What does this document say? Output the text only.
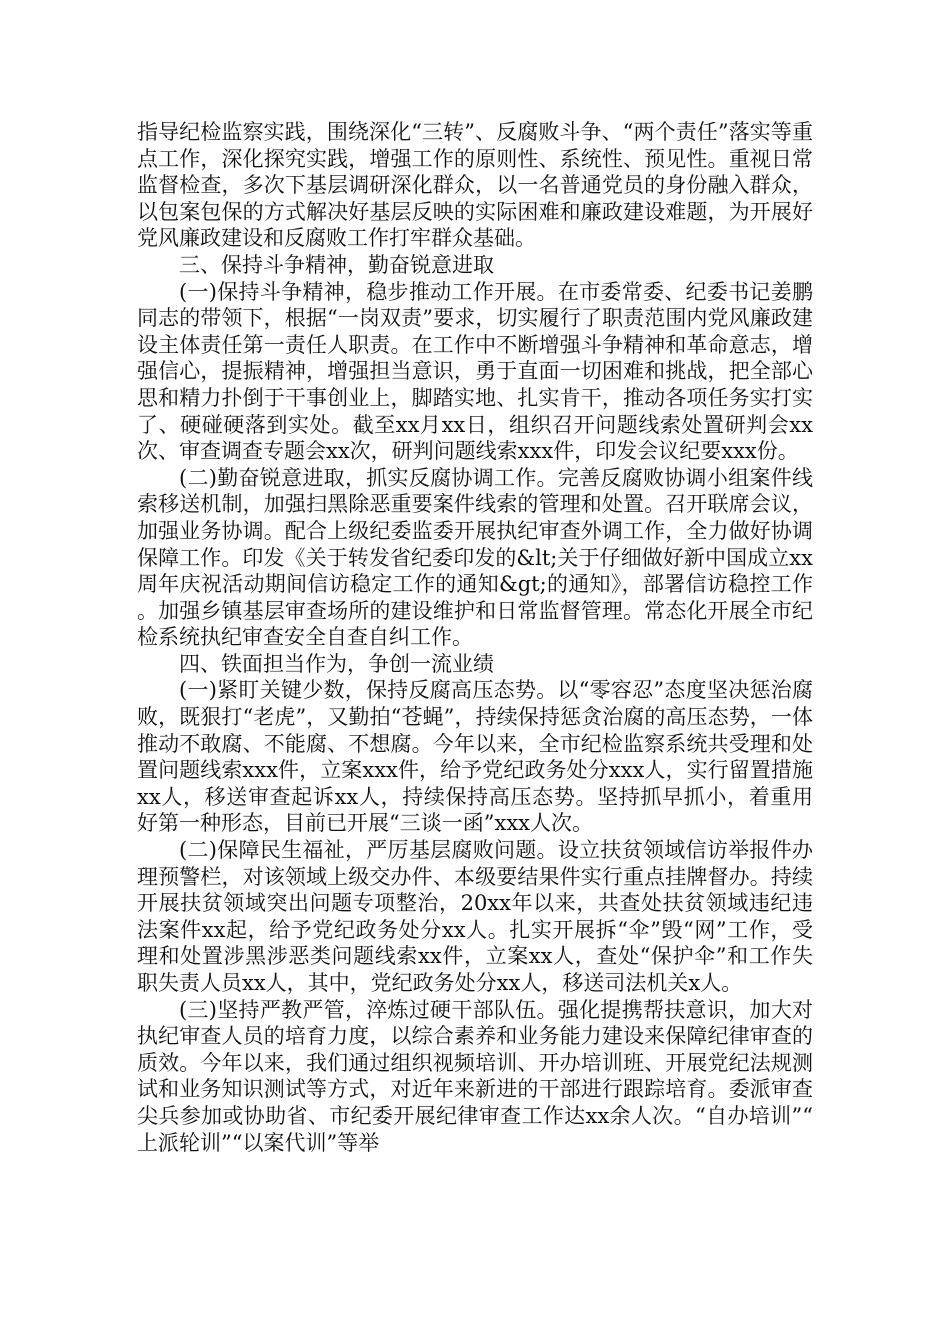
指导纪检监察实践，围绕深化“三转”、反腐败斗争、“两个责任”落实等重点工作，深化探究实践，增强工作的原则性、系统性、预见性。重视日常监督检查，多次下基层调研深化群众，以一名普通党员的身份融入群众，以包案包保的方式解决好基层反映的实际困难和廉政建设难题，为开展好党风廉政建设和反腐败工作打牢群众基础。

三、保持斗争精神，勤奋锐意进取

(一)保持斗争精神，稳步推动工作开展。在市委常委、纪委书记姜鹏同志的带领下，根据“一岗双责”要求，切实履行了职责范围内党风廉政建设主体责任第一责任人职责。在工作中不断增强斗争精神和革命意志，增强信心，提振精神，增强担当意识，勇于直面一切困难和挑战，把全部心思和精力扑倒于干事创业上，脚踏实地、扎实肯干，推动各项任务实打实了、硬碰硬落到实处。截至xx月xx日，组织召开问题线索处置研判会xx次、审查调查专题会xx次，研判问题线索xxx件，印发会议纪要xxx份。

(二)勤奋锐意进取，抓实反腐协调工作。完善反腐败协调小组案件线索移送机制，加强扫黑除恶重要案件线索的管理和处置。召开联席会议，加强业务协调。配合上级纪委监委开展执纪审查外调工作，全力做好协调保障工作。印发《关于转发省纪委印发的&lt;关于仔细做好新中国成立xx周年庆祝活动期间信访稳定工作的通知&gt;的通知》，部署信访稳控工作。加强乡镇基层审查场所的建设维护和日常监督管理。常态化开展全市纪检系统执纪审查安全自查自纠工作。

四、铁面担当作为，争创一流业绩

(一)紧盯关键少数，保持反腐高压态势。以“零容忍”态度坚决惩治腐败，既狠打“老虎”，又勤拍“苍蝇”，持续保持惩贪治腐的高压态势，一体推动不敢腐、不能腐、不想腐。今年以来，全市纪检监察系统共受理和处置问题线索xxx件，立案xxx件，给予党纪政务处分xxx人，实行留置措施xx人，移送审查起诉xx人，持续保持高压态势。坚持抓早抓小，着重用好第一种形态，目前已开展“三谈一函”xxx人次。

(二)保障民生福祉，严厉基层腐败问题。设立扶贫领域信访举报件办理预警栏，对该领域上级交办件、本级要结果件实行重点挂牌督办。持续开展扶贫领域突出问题专项整治，20xx年以来，共查处扶贫领域违纪违法案件xx起，给予党纪政务处分xx人。扎实开展拆“伞”毁“网”工作，受理和处置涉黑涉恶类问题线索xx件，立案xx人，查处“保护伞”和工作失职失责人员xx人，其中，党纪政务处分xx人，移送司法机关x人。

(三)坚持严教严管，淬炼过硬干部队伍。强化提携帮扶意识，加大对执纪审查人员的培育力度，以综合素养和业务能力建设来保障纪律审查的质效。今年以来，我们通过组织视频培训、开办培训班、开展党纪法规测试和业务知识测试等方式，对近年来新进的干部进行跟踪培育。委派审查尖兵参加或协助省、市纪委开展纪律审查工作达xx余人次。“自办培训”“上派轮训”“以案代训”等举
